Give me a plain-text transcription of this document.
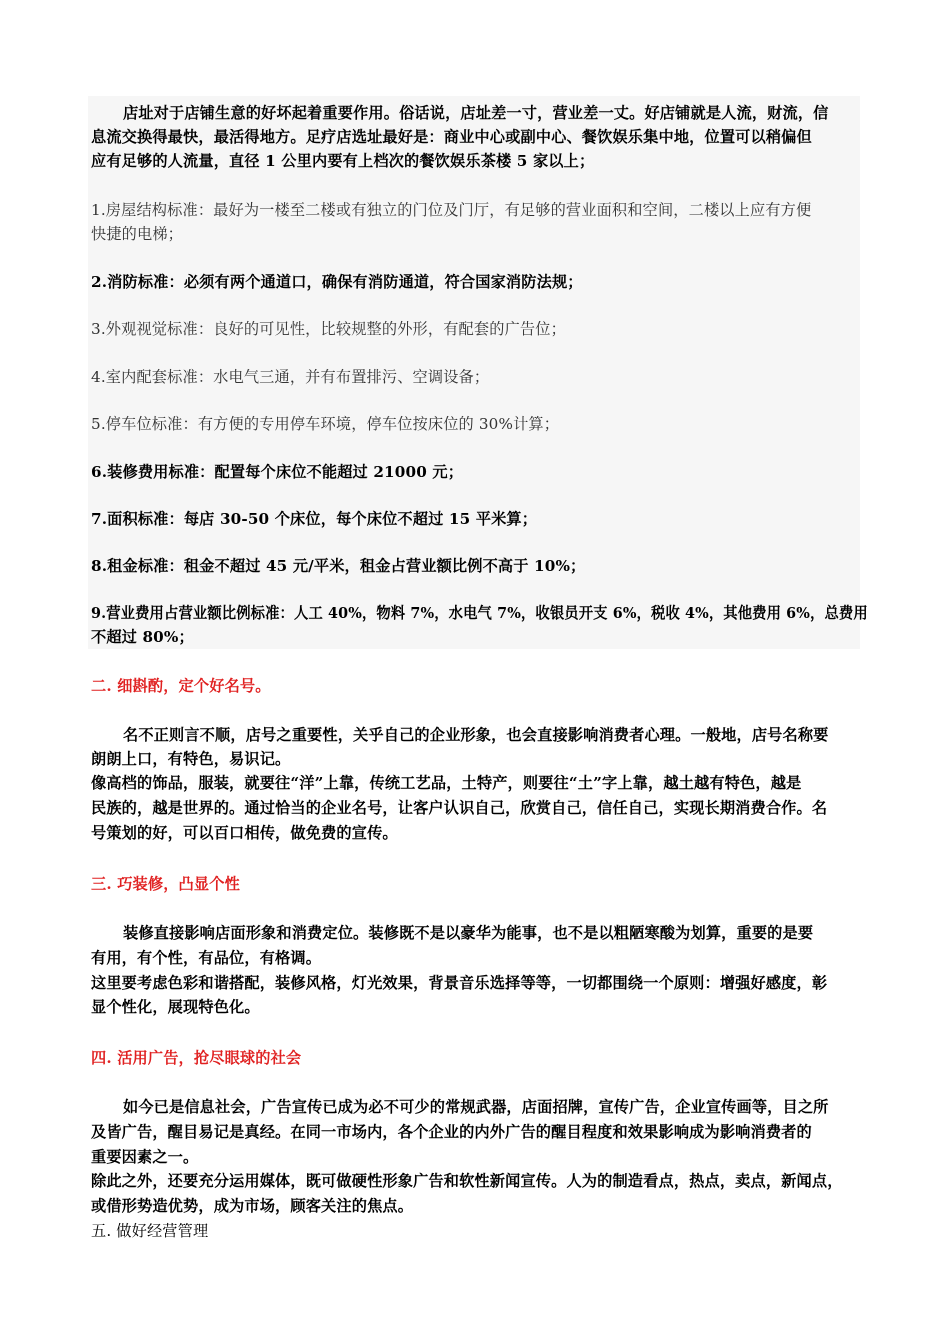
店址对于店铺生意的好坏起着重要作用。俗话说，店址差一寸，营业差一丈。好店铺就是人流，财流，信
息流交换得最快，最活得地方。足疗店选址最好是：商业中心或副中心、餐饮娱乐集中地，位置可以稍偏但
应有足够的人流量，直径 1 公里内要有上档次的餐饮娱乐茶楼 5 家以上；
1.房屋结构标准：最好为一楼至二楼或有独立的门位及门厅，有足够的营业面积和空间，二楼以上应有方便
快捷的电梯；
2.消防标准：必须有两个通道口，确保有消防通道，符合国家消防法规；
3.外观视觉标准：良好的可见性，比较规整的外形，有配套的广告位；
4.室内配套标准：水电气三通，并有布置排污、空调设备；
5.停车位标准：有方便的专用停车环境，停车位按床位的 30%计算；
6.装修费用标准：配置每个床位不能超过 21000 元；
7.面积标准：每店 30-50 个床位，每个床位不超过 15 平米算；
8.租金标准：租金不超过 45 元/平米，租金占营业额比例不高于 10%；
9.营业费用占营业额比例标准：人工 40%，物料 7%，水电气 7%，收银员开支 6%，税收 4%，其他费用 6%，总费用
不超过 80%；
二. 细斟酌，定个好名号。
名不正则言不顺，店号之重要性，关乎自己的企业形象，也会直接影响消费者心理。一般地，店号名称要
朗朗上口，有特色，易识记。
像高档的饰品，服装，就要往“洋”上靠，传统工艺品，土特产，则要往“土”字上靠，越土越有特色，越是
民族的，越是世界的。通过恰当的企业名号，让客户认识自己，欣赏自己，信任自己，实现长期消费合作。名
号策划的好，可以百口相传，做免费的宣传。
三. 巧装修，凸显个性
装修直接影响店面形象和消费定位。装修既不是以豪华为能事，也不是以粗陋寒酸为划算，重要的是要
有用，有个性，有品位，有格调。
这里要考虑色彩和谐搭配，装修风格，灯光效果，背景音乐选择等等，一切都围绕一个原则：增强好感度，彰
显个性化，展现特色化。
四. 活用广告，抢尽眼球的社会
如今已是信息社会，广告宣传已成为必不可少的常规武器，店面招牌，宣传广告，企业宣传画等，目之所
及皆广告，醒目易记是真经。在同一市场内，各个企业的内外广告的醒目程度和效果影响成为影响消费者的
重要因素之一。
除此之外，还要充分运用媒体，既可做硬性形象广告和软性新闻宣传。人为的制造看点，热点，卖点，新闻点，
或借形势造优势，成为市场，顾客关注的焦点。
五. 做好经营管理
